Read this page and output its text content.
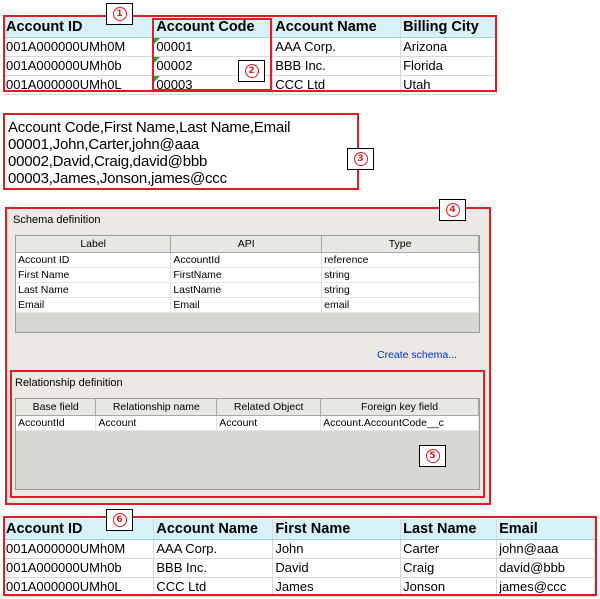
Account ID	Account Code	Account Name	Billing City
001A000000UMh0M	00001	AAA Corp.	Arizona
001A000000UMh0b	00002	BBB Inc.	Florida
001A000000UMh0L	00003	CCC Ltd	Utah
1
2
Account Code,First Name,Last Name,Email
00001,John,Carter,john@aaa
00002,David,Craig,david@bbb
00003,James,Jonson,james@ccc
3
Schema definition
Label	API	Type
Account ID	AccountId	reference
First Name	FirstName	string
Last Name	LastName	string
Email	Email	email
Create schema...
Relationship definition
Base field	Relationship name	Related Object	Foreign key field
AccountId	Account	Account	Account.AccountCode__c
5
4
Account ID	Account Name	First Name	Last Name	Email
001A000000UMh0M	AAA Corp.	John	Carter	john@aaa
001A000000UMh0b	BBB Inc.	David	Craig	david@bbb
001A000000UMh0L	CCC Ltd	James	Jonson	james@ccc
6
